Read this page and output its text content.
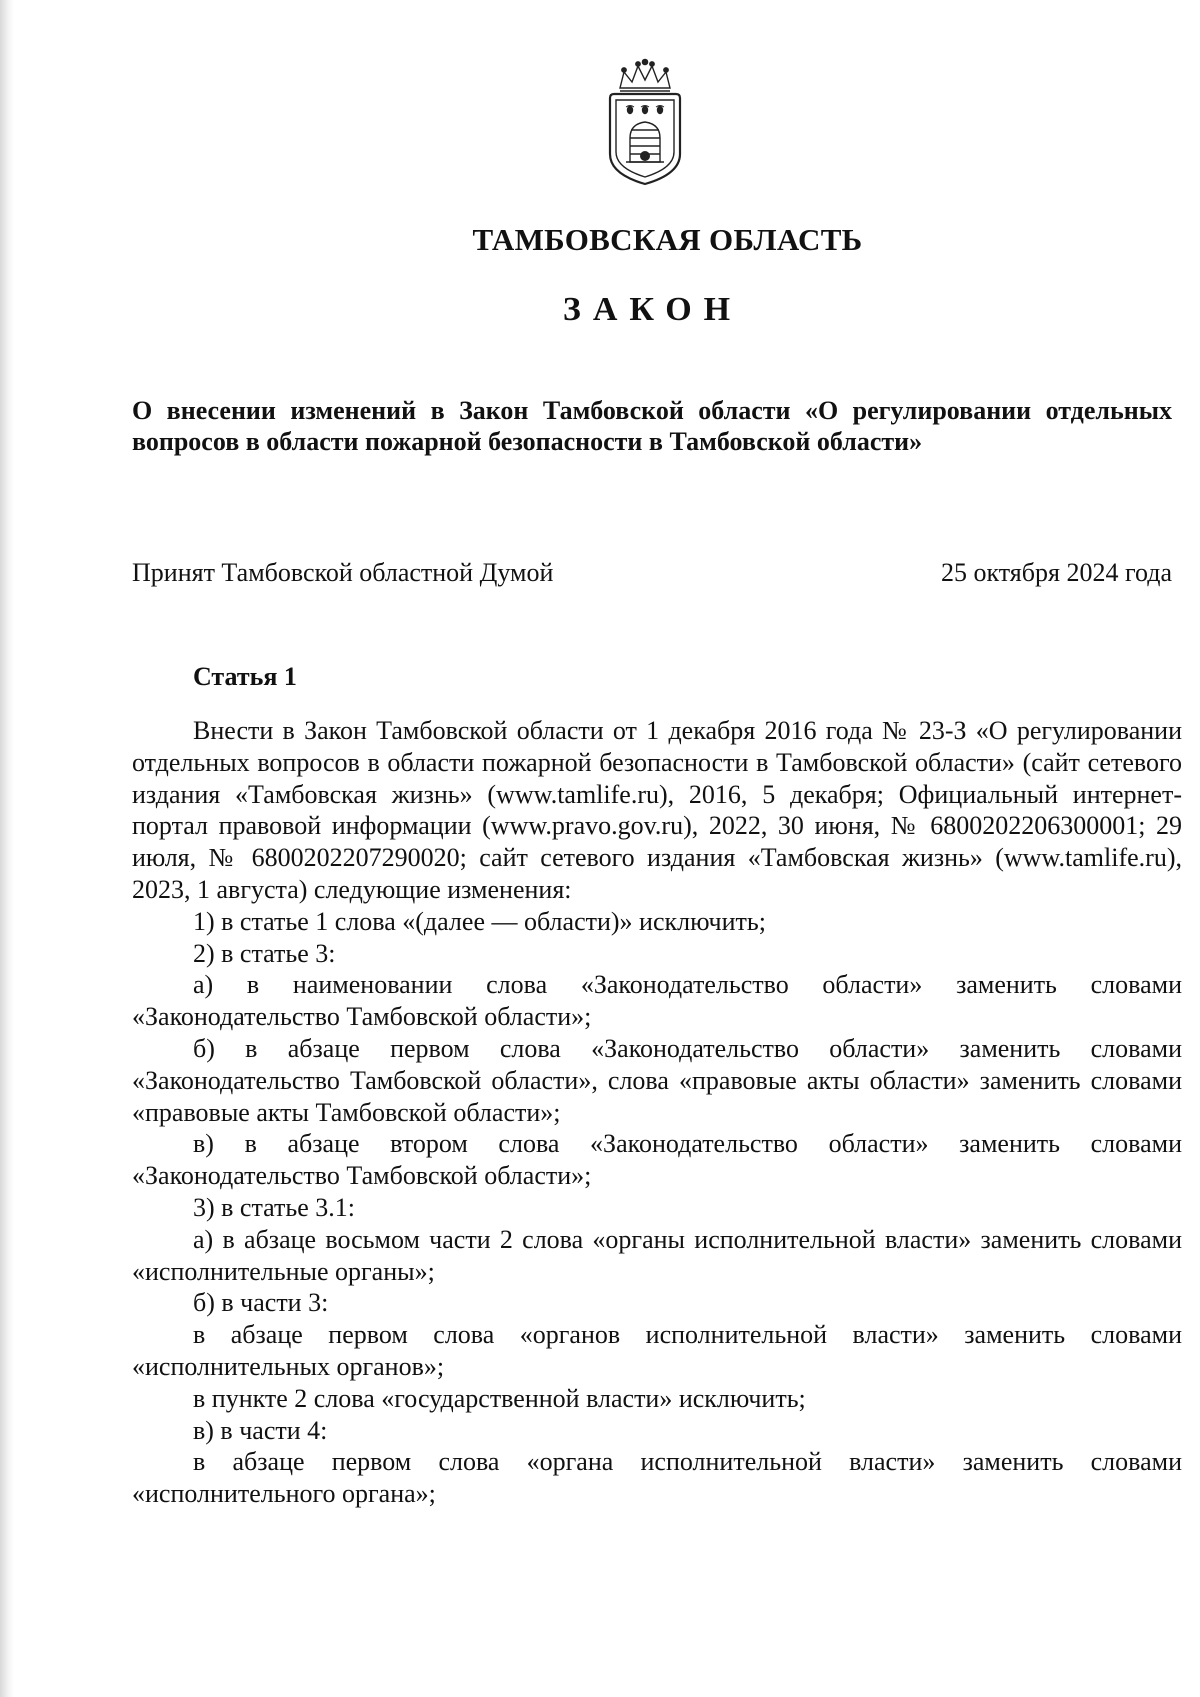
ТАМБОВСКАЯ ОБЛАСТЬ
ЗАКОН
О внесении изменений в Закон Тамбовской области «О регулировании отдельных вопросов в области пожарной безопасности в Тамбовской области»
Принят Тамбовской областной Думой	25 октября 2024 года
Статья 1

Внести в Закон Тамбовской области от 1 декабря 2016 года № 23-З «О регулировании отдельных вопросов в области пожарной безопасности в Тамбовской области» (сайт сетевого издания «Тамбовская жизнь» (www.tamlife.ru), 2016, 5 декабря; Официальный интернет-портал правовой информации (www.pravo.gov.ru), 2022, 30 июня, № 6800202206300001; 29 июля, № 6800202207290020; сайт сетевого издания «Тамбовская жизнь» (www.tamlife.ru), 2023, 1 августа) следующие изменения:

1) в статье 1 слова «(далее — области)» исключить;

2) в статье 3:

а) в наименовании слова «Законодательство области» заменить словами «Законодательство Тамбовской области»;

б) в абзаце первом слова «Законодательство области» заменить словами «Законодательство Тамбовской области», слова «правовые акты области» заменить словами «правовые акты Тамбовской области»;

в) в абзаце втором слова «Законодательство области» заменить словами «Законодательство Тамбовской области»;

3) в статье 3.1:

а) в абзаце восьмом части 2 слова «органы исполнительной власти» заменить словами «исполнительные органы»;

б) в части 3:

в абзаце первом слова «органов исполнительной власти» заменить словами «исполнительных органов»;

в пункте 2 слова «государственной власти» исключить;

в) в части 4:

в абзаце первом слова «органа исполнительной власти» заменить словами «исполнительного органа»;
